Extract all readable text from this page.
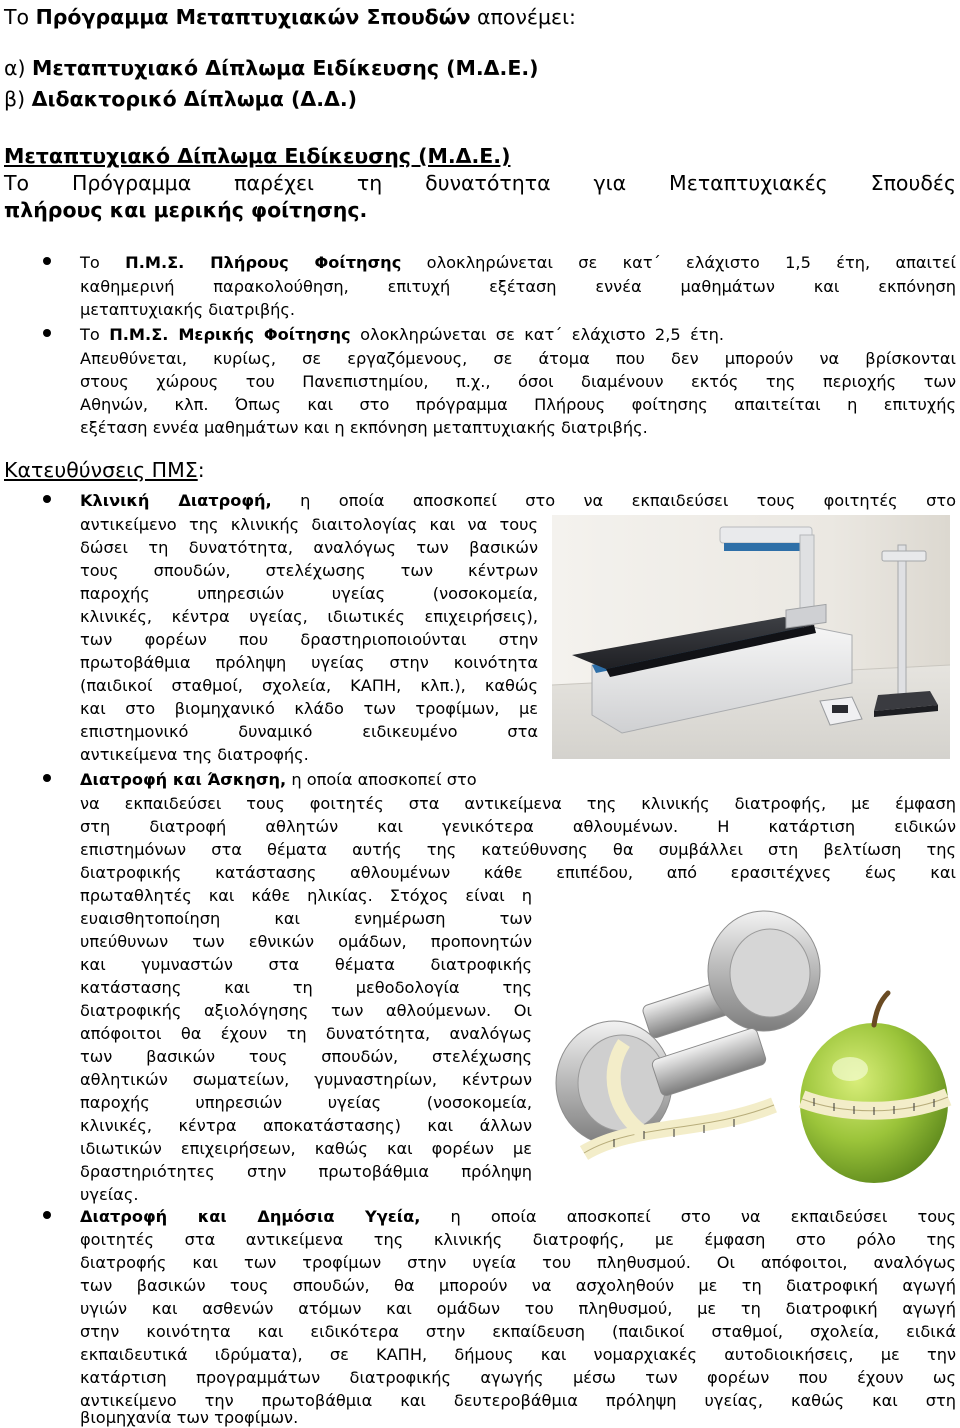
Το Πρόγραμμα Μεταπτυχιακών Σπουδών απονέμει:
α) Μεταπτυχιακό Δίπλωμα Ειδίκευσης (Μ.Δ.Ε.)
β) Διδακτορικό Δίπλωμα (Δ.Δ.)
Μεταπτυχιακό Δίπλωμα Ειδίκευσης (Μ.Δ.Ε.)
Το Πρόγραμμα παρέχει τη δυνατότητα για Μεταπτυχιακές Σπουδές
πλήρους και μερικής φοίτησης.
Το Π.Μ.Σ. Πλήρους Φοίτησης ολοκληρώνεται σε κατ΄ ελάχιστο 1,5 έτη, απαιτεί
καθημερινή παρακολούθηση, επιτυχή εξέταση εννέα μαθημάτων και εκπόνηση
μεταπτυχιακής διατριβής.
Το Π.Μ.Σ. Μερικής Φοίτησης ολοκληρώνεται σε κατ΄ ελάχιστο 2,5 έτη.
Απευθύνεται, κυρίως, σε εργαζόμενους, σε άτομα που δεν μπορούν να βρίσκονται
στους χώρους του Πανεπιστημίου, π.χ., όσοι διαμένουν εκτός της περιοχής των
Αθηνών, κλπ. Όπως και στο πρόγραμμα Πλήρους φοίτησης απαιτείται η επιτυχής
εξέταση εννέα μαθημάτων και η εκπόνηση μεταπτυχιακής διατριβής.
Κατευθύνσεις ΠΜΣ:
Κλινική Διατροφή, η οποία αποσκοπεί στο να εκπαιδεύσει τους φοιτητές στο
αντικείμενο της κλινικής διαιτολογίας και να τους
δώσει τη δυνατότητα, αναλόγως των βασικών
τους σπουδών, στελέχωσης των κέντρων
παροχής υπηρεσιών υγείας (νοσοκομεία,
κλινικές, κέντρα υγείας, ιδιωτικές επιχειρήσεις),
των φορέων που δραστηριοποιούνται στην
πρωτοβάθμια πρόληψη υγείας στην κοινότητα
(παιδικοί σταθμοί, σχολεία, ΚΑΠΗ, κλπ.), καθώς
και στο βιομηχανικό κλάδο των τροφίμων, με
επιστημονικό δυναμικό ειδικευμένο στα
αντικείμενα της διατροφής.
Διατροφή και Άσκηση, η οποία αποσκοπεί στο
να εκπαιδεύσει τους φοιτητές στα αντικείμενα της κλινικής διατροφής, με έμφαση
στη διατροφή αθλητών και γενικότερα αθλουμένων. Η κατάρτιση ειδικών
επιστημόνων στα θέματα αυτής της κατεύθυνσης θα συμβάλλει στη βελτίωση της
διατροφικής κατάστασης αθλουμένων κάθε επιπέδου, από ερασιτέχνες έως και
πρωταθλητές και κάθε ηλικίας. Στόχος είναι η
ευαισθητοποίηση και ενημέρωση των
υπεύθυνων των εθνικών ομάδων, προπονητών
και γυμναστών στα θέματα διατροφικής
κατάστασης και τη μεθοδολογία της
διατροφικής αξιολόγησης των αθλούμενων. Οι
απόφοιτοι θα έχουν τη δυνατότητα, αναλόγως
των βασικών τους σπουδών, στελέχωσης
αθλητικών σωματείων, γυμναστηρίων, κέντρων
παροχής υπηρεσιών υγείας (νοσοκομεία,
κλινικές, κέντρα αποκατάστασης) και άλλων
ιδιωτικών επιχειρήσεων, καθώς και φορέων με
δραστηριότητες στην πρωτοβάθμια πρόληψη
υγείας.
Διατροφή και Δημόσια Υγεία, η οποία αποσκοπεί στο να εκπαιδεύσει τους
φοιτητές στα αντικείμενα της κλινικής διατροφής, με έμφαση στο ρόλο της
διατροφής και των τροφίμων στην υγεία του πληθυσμού. Οι απόφοιτοι, αναλόγως
των βασικών τους σπουδών, θα μπορούν να ασχοληθούν με τη διατροφική αγωγή
υγιών και ασθενών ατόμων και ομάδων του πληθυσμού, με τη διατροφική αγωγή
στην κοινότητα και ειδικότερα στην εκπαίδευση (παιδικοί σταθμοί, σχολεία, ειδικά
εκπαιδευτικά ιδρύματα), σε ΚΑΠΗ, δήμους και νομαρχιακές αυτοδιοικήσεις, με την
κατάρτιση προγραμμάτων διατροφικής αγωγής μέσω των φορέων που έχουν ως
αντικείμενο την πρωτοβάθμια και δευτεροβάθμια πρόληψη υγείας, καθώς και στη
βιομηχανία των τροφίμων.
